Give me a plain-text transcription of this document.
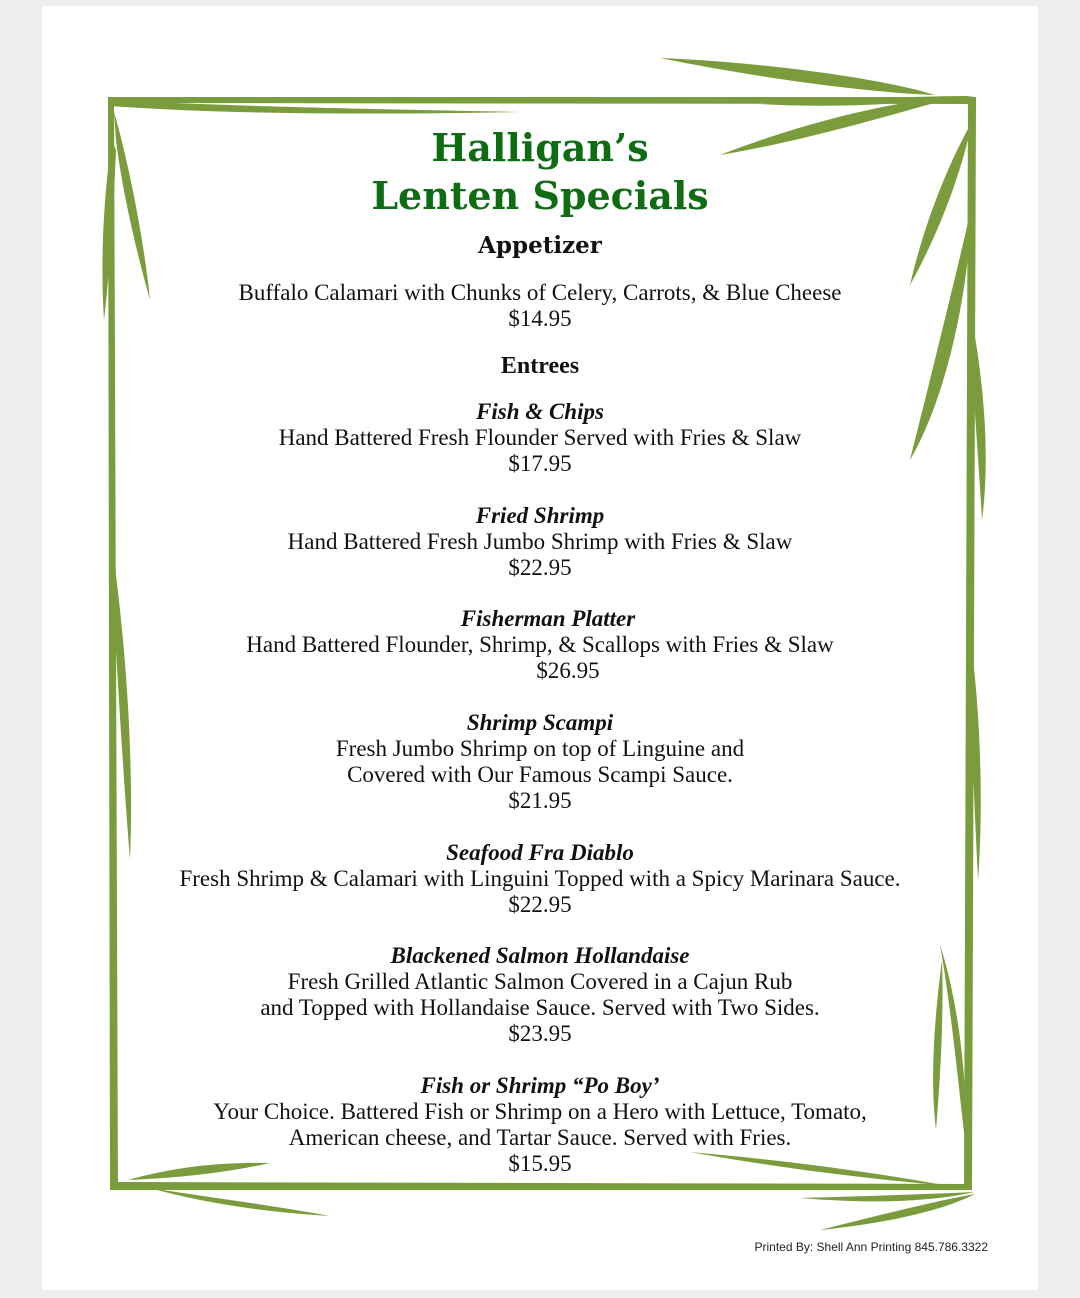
Halligan’s
Lenten Specials
Appetizer
Buffalo Calamari with Chunks of Celery, Carrots, & Blue Cheese
$14.95
Entrees
Fish & Chips
Hand Battered Fresh Flounder Served with Fries & Slaw
$17.95
Fried Shrimp
Hand Battered Fresh Jumbo Shrimp with Fries & Slaw
$22.95
Fisherman Platter
Hand Battered Flounder, Shrimp, & Scallops with Fries & Slaw
$26.95
Shrimp Scampi
Fresh Jumbo Shrimp on top of Linguine and
Covered with Our Famous Scampi Sauce.
$21.95
Seafood Fra Diablo
Fresh Shrimp & Calamari with Linguini Topped with a Spicy Marinara Sauce.
$22.95
Blackened Salmon Hollandaise
Fresh Grilled Atlantic Salmon Covered in a Cajun Rub
and Topped with Hollandaise Sauce. Served with Two Sides.
$23.95
Fish or Shrimp “Po Boy’
Your Choice. Battered Fish or Shrimp on a Hero with Lettuce, Tomato,
American cheese, and Tartar Sauce. Served with Fries.
$15.95
Printed By: Shell Ann Printing 845.786.3322
